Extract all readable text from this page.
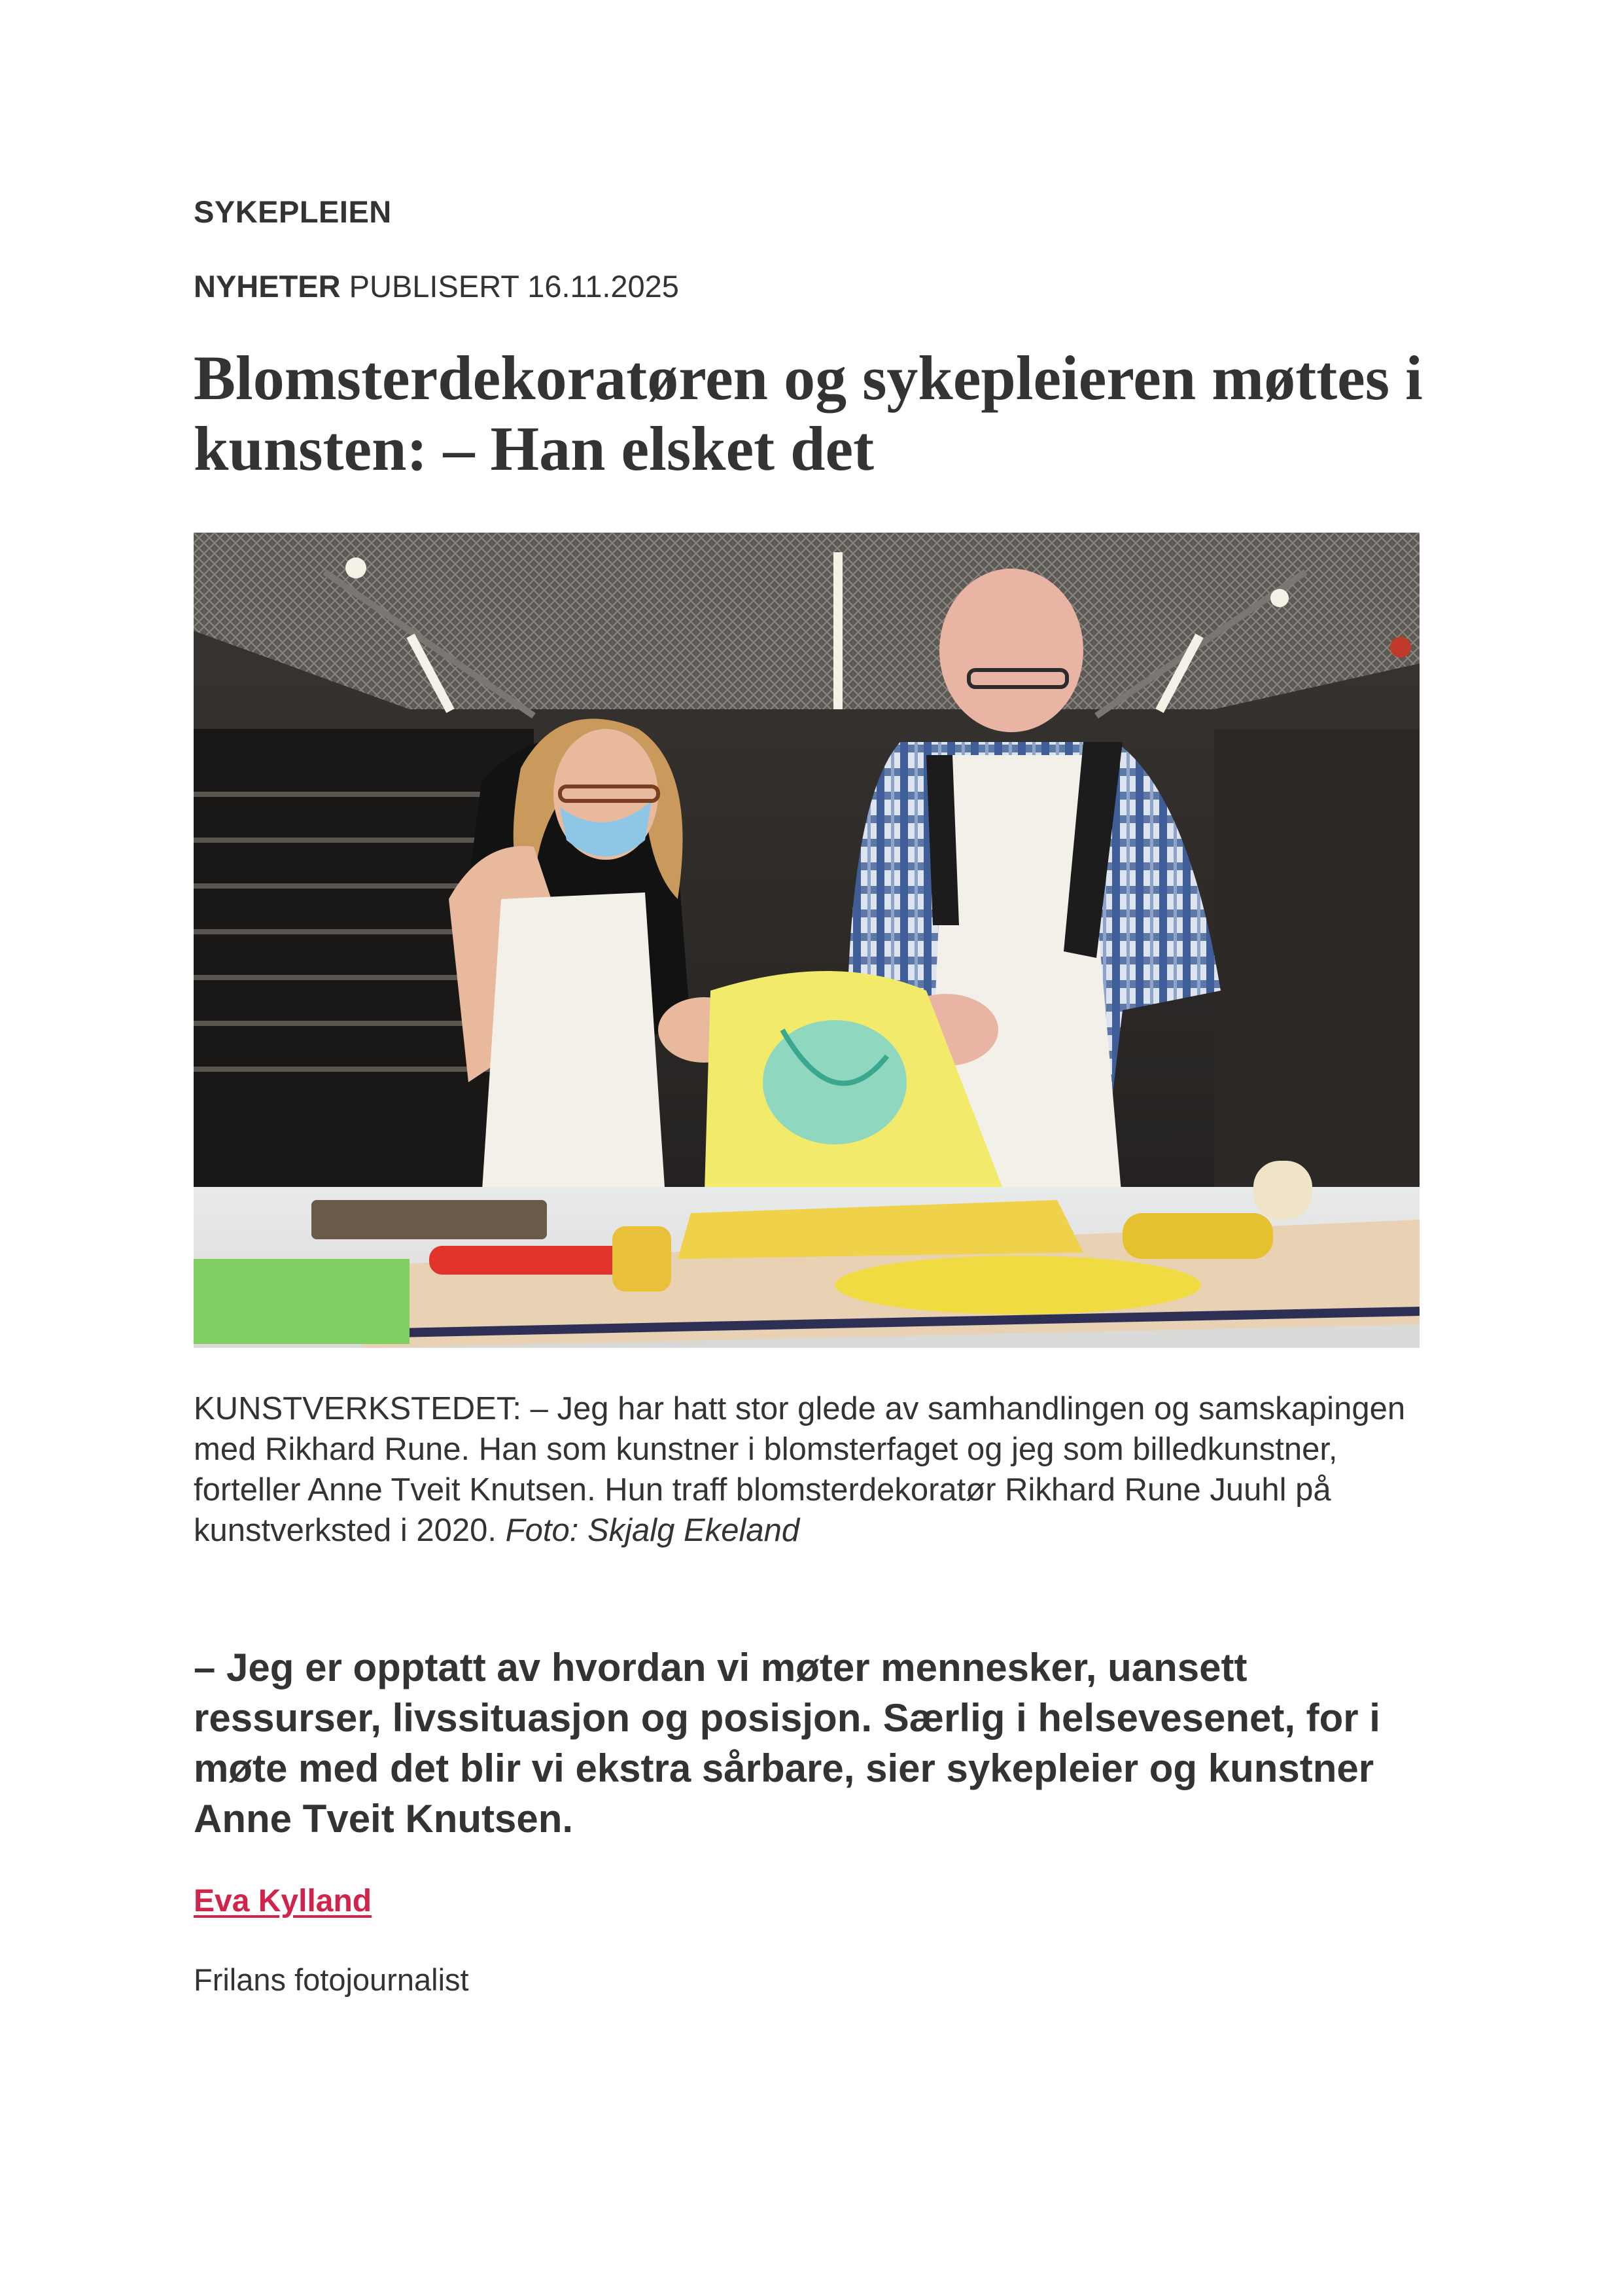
SYKEPLEIEN
NYHETER PUBLISERT 16.11.2025
Blomsterdekoratøren og sykepleieren møttes i kunsten: – Han elsket det

KUNSTVERKSTEDET: – Jeg har hatt stor glede av samhandlingen og samskapingen med Rikhard Rune. Han som kunstner i blomsterfaget og jeg som billedkunstner, forteller Anne Tveit Knutsen. Hun traff blomsterdekoratør Rikhard Rune Juuhl på kunstverksted i 2020. Foto: Skjalg Ekeland

– Jeg er opptatt av hvordan vi møter mennesker, uansett ressurser, livssituasjon og posisjon. Særlig i helsevesenet, for i møte med det blir vi ekstra sårbare, sier sykepleier og kunstner Anne Tveit Knutsen.

Eva Kylland
Frilans fotojournalist
